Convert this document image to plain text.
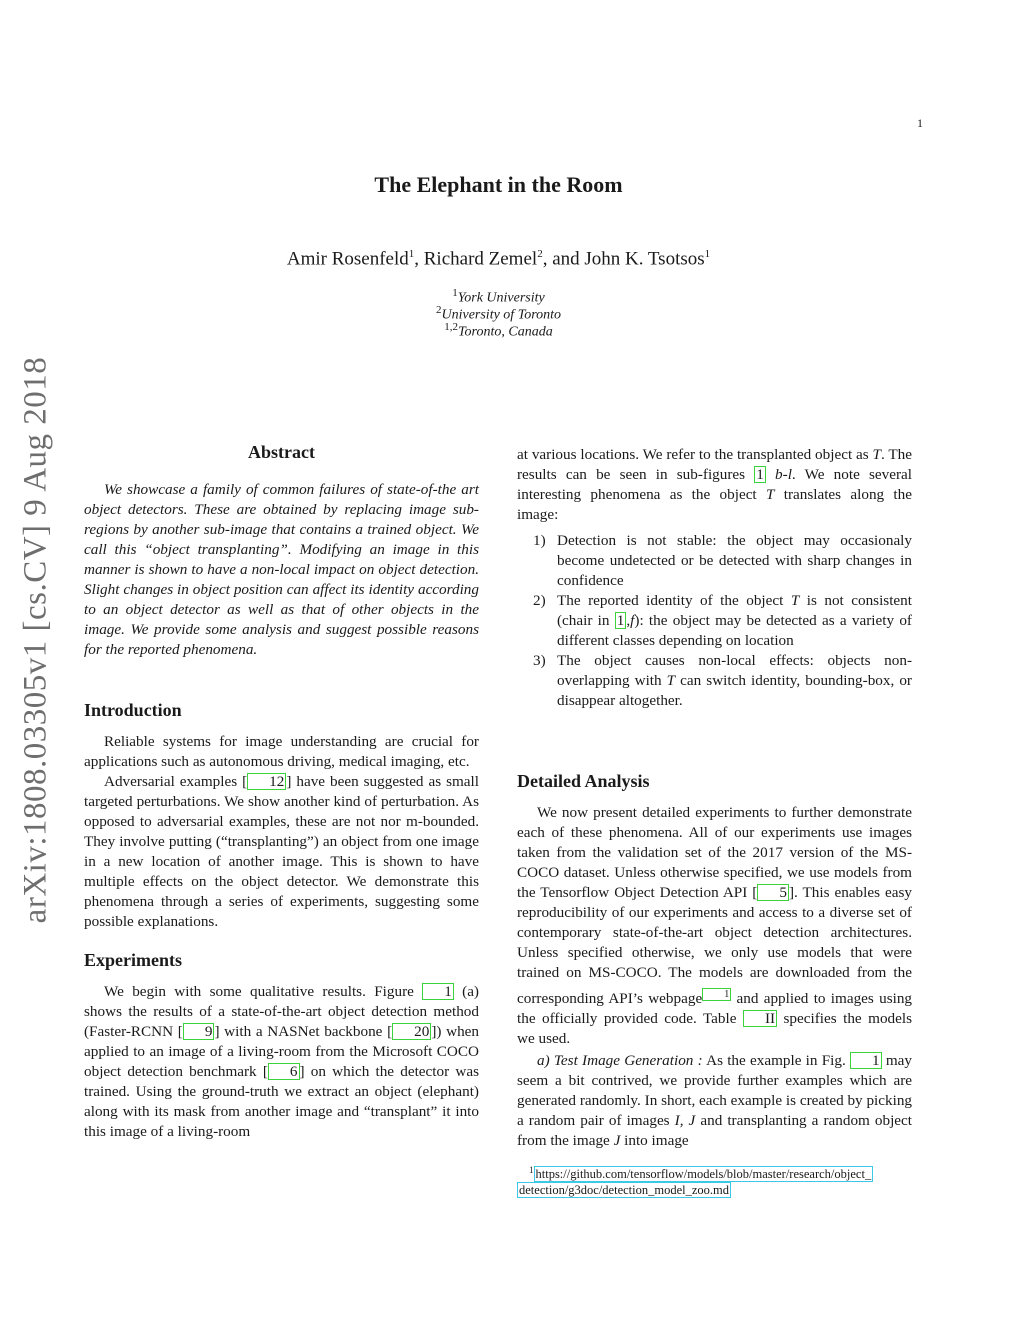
1
The Elephant in the Room
Amir Rosenfeld$^1$, Richard Zemel$^2$, and John K. Tsotsos$^1$
$^1$York University
$^2$University of Toronto
$^{1,2}$Toronto, Canada
arXiv:1808.03305v1 [cs.CV] 9 Aug 2018	Abstract

We showcase a family of common failures of state-of-the art object detectors. These are obtained by replacing image sub-regions by another sub-image that contains a trained object. We call this “object transplanting”. Modifying an image in this manner is shown to have a non-local impact on object detection. Slight changes in object position can affect its identity according to an object detector as well as that of other objects in the image. We provide some analysis and suggest possible reasons for the reported phenomena.

Introduction

Reliable systems for image understanding are crucial for applications such as autonomous driving, medical imaging, etc.

Adversarial examples [ 12 ] have been suggested as small targeted perturbations. We show another kind of perturbation. As opposed to adversarial examples, these are not nor m-bounded. They involve putting (“transplanting”) an object from one image in a new location of another image. This is shown to have multiple effects on the object detector. We demonstrate this phenomena through a series of experiments, suggesting some possible explanations.

Experiments

We begin with some qualitative results. Figure 1 (a) shows the results of a state-of-the-art object detection method (Faster-RCNN [ 9 ] with a NASNet backbone [ 20 ]) when applied to an image of a living-room from the Microsoft COCO object detection benchmark [ 6 ] on which the detector was trained. Using the ground-truth we extract an object (elephant) along with its mask from another image and “transplant” it into this image of a living-room

at various locations. We refer to the transplanted object as T. The results can be seen in sub-figures 1 b-l. We note several interesting phenomena as the object T translates along the image:

1) Detection is not stable: the object may occasionaly become undetected or be detected with sharp changes in confidence
2) The reported identity of the object T is not consistent (chair in 1 ,f): the object may be detected as a variety of different classes depending on location
3) The object causes non-local effects: objects non-overlapping with T can switch identity, bounding-box, or disappear altogether.
Detailed Analysis

We now present detailed experiments to further demonstrate each of these phenomena. All of our experiments use images taken from the validation set of the 2017 version of the MS-COCO dataset. Unless otherwise specified, we use models from the Tensorflow Object Detection API [ 5 ]. This enables easy reproducibility of our experiments and access to a diverse set of contemporary state-of-the-art object detection architectures. Unless specified otherwise, we only use models that were trained on MS-COCO. The models are downloaded from the corresponding API’s webpage $^1$ and applied to images using the officially provided code. Table II specifies the models we used.

a) Test Image Generation : As the example in Fig. 1 may seem a bit contrived, we provide further examples which are generated randomly. In short, each example is created by picking a random pair of images I, J and transplanting a random object from the image J into image

$^1$ https://github.com/tensorflow/models/blob/master/research/object_
detection/g3doc/detection_model_zoo.md
